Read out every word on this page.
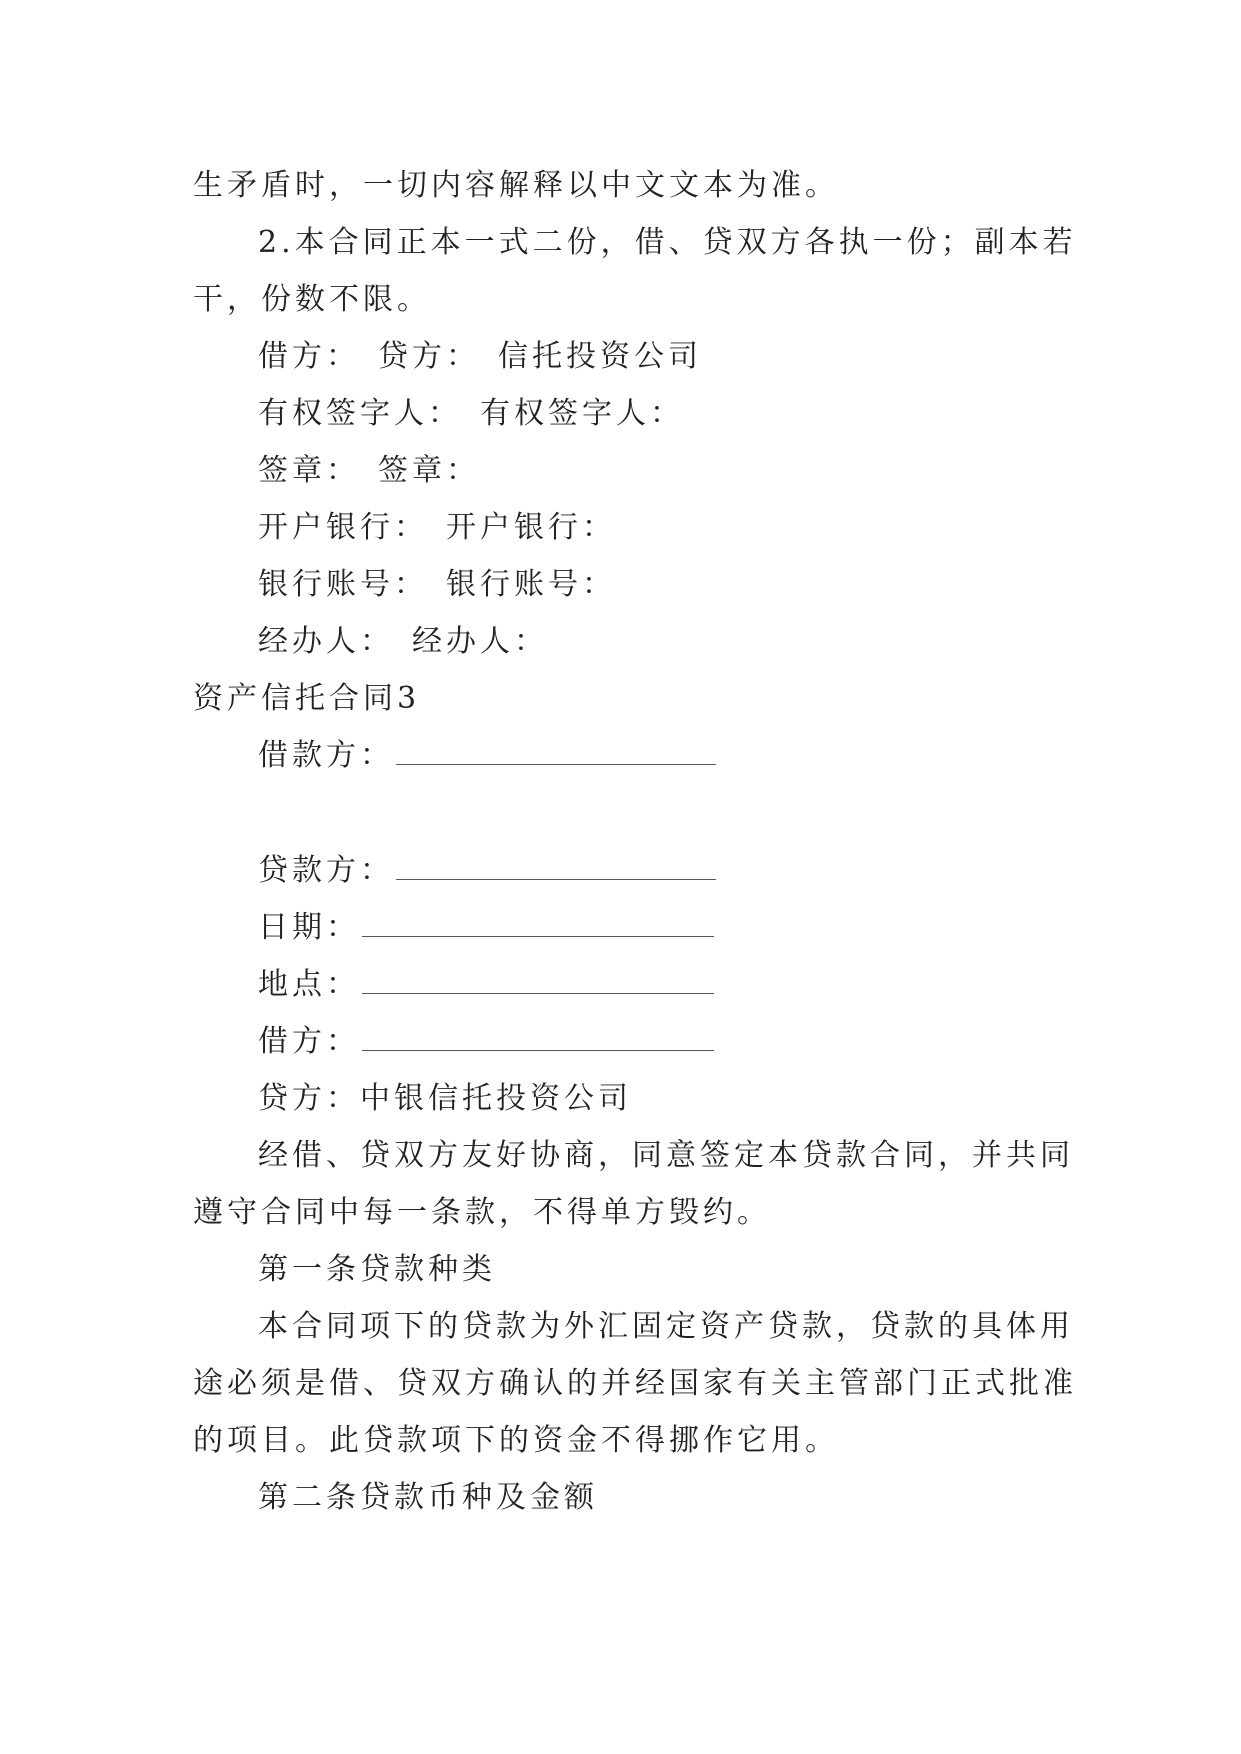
生矛盾时，一切内容解释以中文文本为准。
2.本合同正本一式二份，借、贷双方各执一份；副本若
干，份数不限。
借方： 贷方： 信托投资公司
有权签字人： 有权签字人：
签章： 签章：
开户银行： 开户银行：
银行账号： 银行账号：
经办人： 经办人：
资产信托合同3
借款方：
贷款方：
日期：
地点：
借方：
贷方：中银信托投资公司
经借、贷双方友好协商，同意签定本贷款合同，并共同
遵守合同中每一条款，不得单方毁约。
第一条贷款种类
本合同项下的贷款为外汇固定资产贷款，贷款的具体用
途必须是借、贷双方确认的并经国家有关主管部门正式批准
的项目。此贷款项下的资金不得挪作它用。
第二条贷款币种及金额
